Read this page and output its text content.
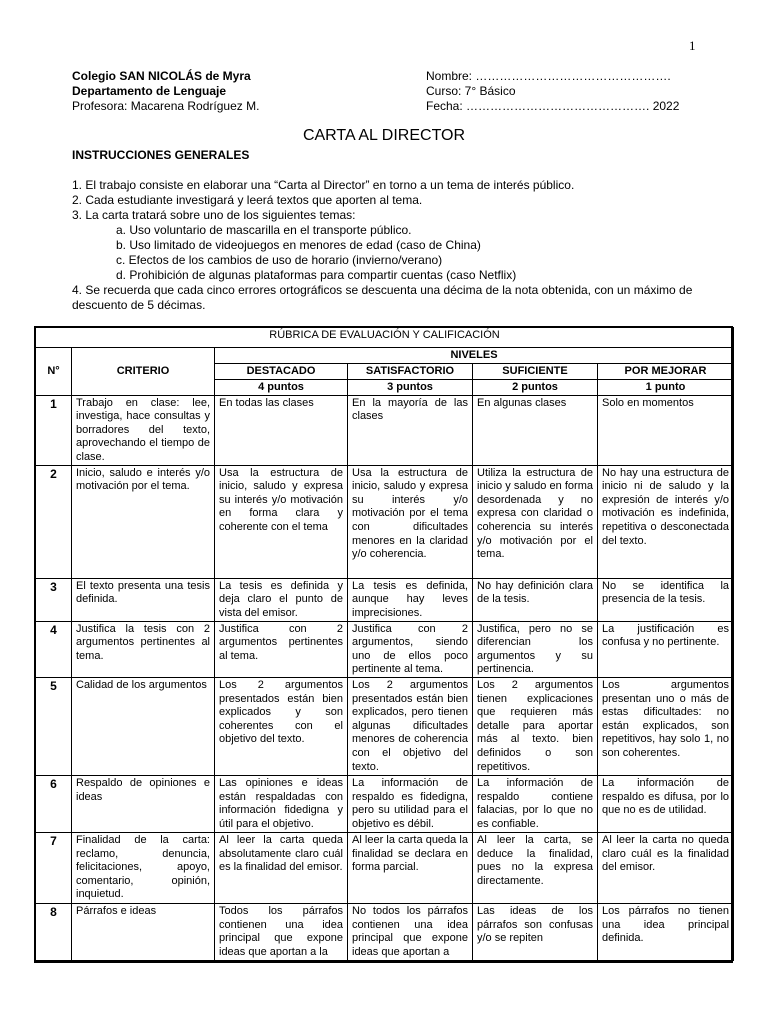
1
Colegio SAN NICOLÁS de Myra
Departamento de Lenguaje
Profesora: Macarena Rodríguez M.
Nombre: ………………………………………….
Curso: 7° Básico
Fecha: ………………………………………. 2022
CARTA AL DIRECTOR
INSTRUCCIONES GENERALES
1. El trabajo consiste en elaborar una “Carta al Director” en torno a un tema de interés público.
2. Cada estudiante investigará y leerá textos que aporten al tema.
3. La carta tratará sobre uno de los siguientes temas:
a. Uso voluntario de mascarilla en el transporte público.
b. Uso limitado de videojuegos en menores de edad (caso de China)
c. Efectos de los cambios de uso de horario (invierno/verano)
d. Prohibición de algunas plataformas para compartir cuentas (caso Netflix)
4. Se recuerda que cada cinco errores ortográficos se descuenta una décima de la nota obtenida, con un máximo de descuento de 5 décimas.
RÚBRICA DE EVALUACIÓN Y CALIFICACIÓN					
N°	CRITERIO	NIVELES			
		DESTACADO	SATISFACTORIO	SUFICIENTE	POR MEJORAR
		4 puntos	3 puntos	2 puntos	1 punto
1	Trabajo en clase: lee, investiga, hace consultas y borradores del texto, aprovechando el tiempo de clase.	En todas las clases	En la mayoría de las clases	En algunas clases	Solo en momentos
2	Inicio, saludo e interés y/o motivación por el tema.	Usa la estructura de inicio, saludo y expresa su interés y/o motivación en forma clara y coherente con el tema	Usa la estructura de inicio, saludo y expresa su interés y/o motivación por el tema con dificultades menores en la claridad y/o coherencia.	Utiliza la estructura de inicio y saludo en forma desordenada y no expresa con claridad o coherencia su interés y/o motivación por el tema.	No hay una estructura de inicio ni de saludo y la expresión de interés y/o motivación es indefinida, repetitiva o desconectada del texto.
3	El texto presenta una tesis definida.	La tesis es definida y deja claro el punto de vista del emisor.	La tesis es definida, aunque hay leves imprecisiones.	No hay definición clara de la tesis.	No se identifica la presencia de la tesis.
4	Justifica la tesis con 2 argumentos pertinentes al tema.	Justifica con 2 argumentos pertinentes al tema.	Justifica con 2 argumentos, siendo uno de ellos poco pertinente al tema.	Justifica, pero no se diferencian los argumentos y su pertinencia.	La justificación es confusa y no pertinente.
5	Calidad de los argumentos	Los 2 argumentos presentados están bien explicados y son coherentes con el objetivo del texto.	Los 2 argumentos presentados están bien explicados, pero tienen algunas dificultades menores de coherencia con el objetivo del texto.	Los 2 argumentos tienen explicaciones que requieren más detalle para aportar más al texto. bien definidos o son repetitivos.	Los argumentos presentan uno o más de estas dificultades: no están explicados, son repetitivos, hay solo 1, no son coherentes.
6	Respaldo de opiniones e ideas	Las opiniones e ideas están respaldadas con información fidedigna y útil para el objetivo.	La información de respaldo es fidedigna, pero su utilidad para el objetivo es débil.	La información de respaldo contiene falacias, por lo que no es confiable.	La información de respaldo es difusa, por lo que no es de utilidad.
7	Finalidad de la carta: reclamo, denuncia, felicitaciones, apoyo, comentario, opinión, inquietud.	Al leer la carta queda absolutamente claro cuál es la finalidad del emisor.	Al leer la carta queda la finalidad se declara en forma parcial.	Al leer la carta, se deduce la finalidad, pues no la expresa directamente.	Al leer la carta no queda claro cuál es la finalidad del emisor.
8	Párrafos e ideas	Todos los párrafos contienen una idea principal que expone ideas que aportan a la	No todos los párrafos contienen una idea principal que expone ideas que aportan a	Las ideas de los párrafos son confusas y/o se repiten	Los párrafos no tienen una idea principal definida.
